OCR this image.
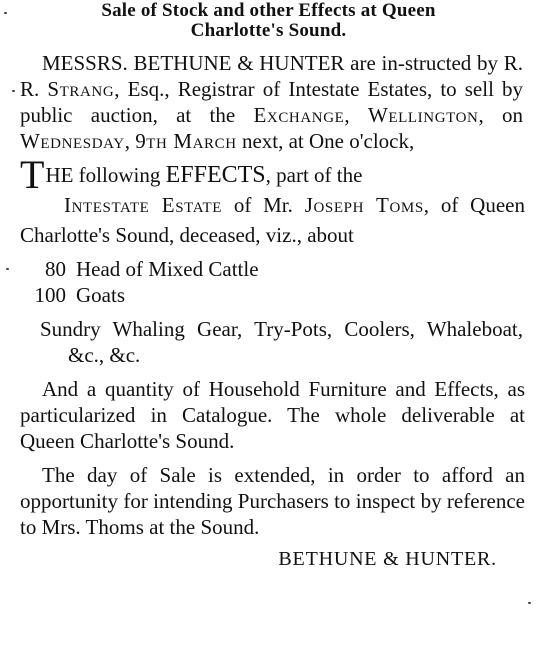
Sale of Stock and other Effects at Queen
Charlotte's Sound.

MESSRS. BETHUNE & HUNTER are in-structed by R. R. Strang, Esq., Registrar of Intestate Estates, to sell by public auction, at the Exchange, Wellington, on Wednesday, 9th March next, at One o'clock,

THE following EFFECTS, part of the
Intestate Estate of Mr. Joseph Toms, of Queen Charlotte's Sound, deceased, viz., about

80 Head of Mixed Cattle

100 Goats

Sundry Whaling Gear, Try-Pots, Coolers, Whaleboat, &c., &c.

And a quantity of Household Furniture and Effects, as particularized in Catalogue. The whole deliverable at Queen Charlotte's Sound.

The day of Sale is extended, in order to afford an opportunity for intending Purchasers to inspect by reference to Mrs. Thoms at the Sound.

BETHUNE & HUNTER.
